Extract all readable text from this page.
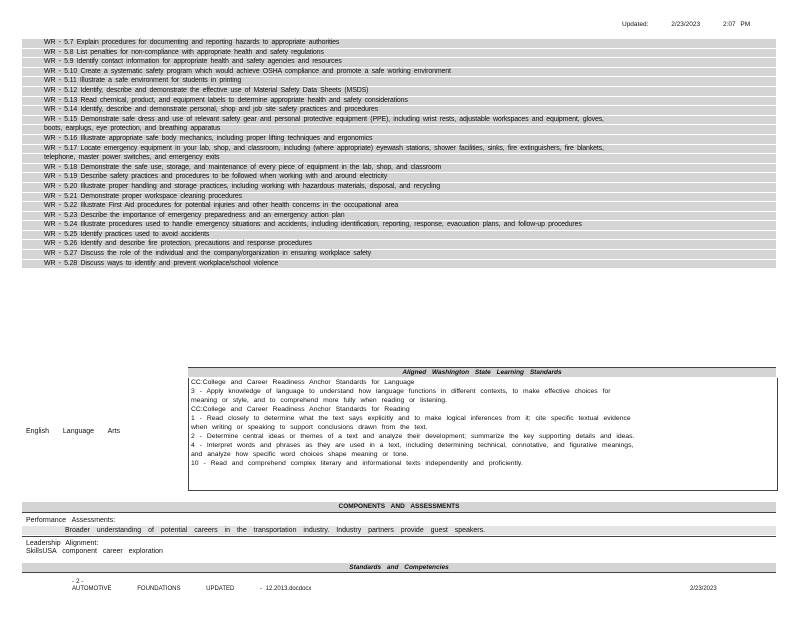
Updated:	2/23/2023	2:07 PM
WR - 5.7 Explain procedures for documenting and reporting hazards to appropriate authorities
WR - 5.8 List penalties for non-compliance with appropriate health and safety regulations
WR - 5.9 Identify contact information for appropriate health and safety agencies and resources
WR - 5.10 Create a systematic safety program which would achieve OSHA compliance and promote a safe working environment
WR - 5.11 Illustrate a safe environment for students in printing
WR - 5.12 Identify, describe and demonstrate the effective use of Material Safety Data Sheets (MSDS)
WR - 5.13 Read chemical, product, and equipment labels to determine appropriate health and safety considerations
WR - 5.14 Identify, describe and demonstrate personal, shop and job site safety practices and procedures
WR - 5.15 Demonstrate safe dress and use of relevant safety gear and personal protective equipment (PPE), including wrist rests, adjustable workspaces and equipment, gloves,
boots, earplugs, eye protection, and breathing apparatus
WR - 5.16 Illustrate appropriate safe body mechanics, including proper lifting techniques and ergonomics
WR - 5.17 Locate emergency equipment in your lab, shop, and classroom, including (where appropriate) eyewash stations, shower facilities, sinks, fire extinguishers, fire blankets,
telephone, master power switches, and emergency exits
WR - 5.18 Demonstrate the safe use, storage, and maintenance of every piece of equipment in the lab, shop, and classroom
WR - 5.19 Describe safety practices and procedures to be followed when working with and around electricity
WR - 5.20 Illustrate proper handling and storage practices, including working with hazardous materials, disposal, and recycling
WR - 5.21 Demonstrate proper workspace cleaning procedures
WR - 5.22 Illustrate First Aid procedures for potential injuries and other health concerns in the occupational area
WR - 5.23 Describe the importance of emergency preparedness and an emergency action plan
WR - 5.24 Illustrate procedures used to handle emergency situations and accidents, including identification, reporting, response, evacuation plans, and follow-up procedures
WR - 5.25 Identify practices used to avoid accidents
WR - 5.26 Identify and describe fire protection, precautions and response procedures
WR - 5.27 Discuss the role of the individual and the company/organization in ensuring workplace safety
WR - 5.28 Discuss ways to identify and prevent workplace/school violence
Aligned Washington State Learning Standards
English Language Arts
CC:College and Career Readiness Anchor Standards for Language
3 - Apply knowledge of language to understand how language functions in different contexts, to make effective choices for
meaning or style, and to comprehend more fully when reading or listening.
CC:College and Career Readiness Anchor Standards for Reading
1 - Read closely to determine what the text says explicitly and to make logical inferences from it; cite specific textual evidence
when writing or speaking to support conclusions drawn from the text.
2 - Determine central ideas or themes of a text and analyze their development; summarize the key supporting details and ideas.
4 - Interpret words and phrases as they are used in a text, including determining technical, connotative, and figurative meanings,
and analyze how specific word choices shape meaning or tone.
10 - Read and comprehend complex literary and informational texts independently and proficiently.
COMPONENTS AND ASSESSMENTS
Performance Assessments:
Broader understanding of potential careers in the transportation industry. Industry partners provide guest speakers.
Leadership Alignment:
SkillsUSA component career exploration
Standards and Competencies
- 2 -
AUTOMOTIVE	FOUNDATIONS	UPDATED	- 12.2013.docdocx	2/23/2023
